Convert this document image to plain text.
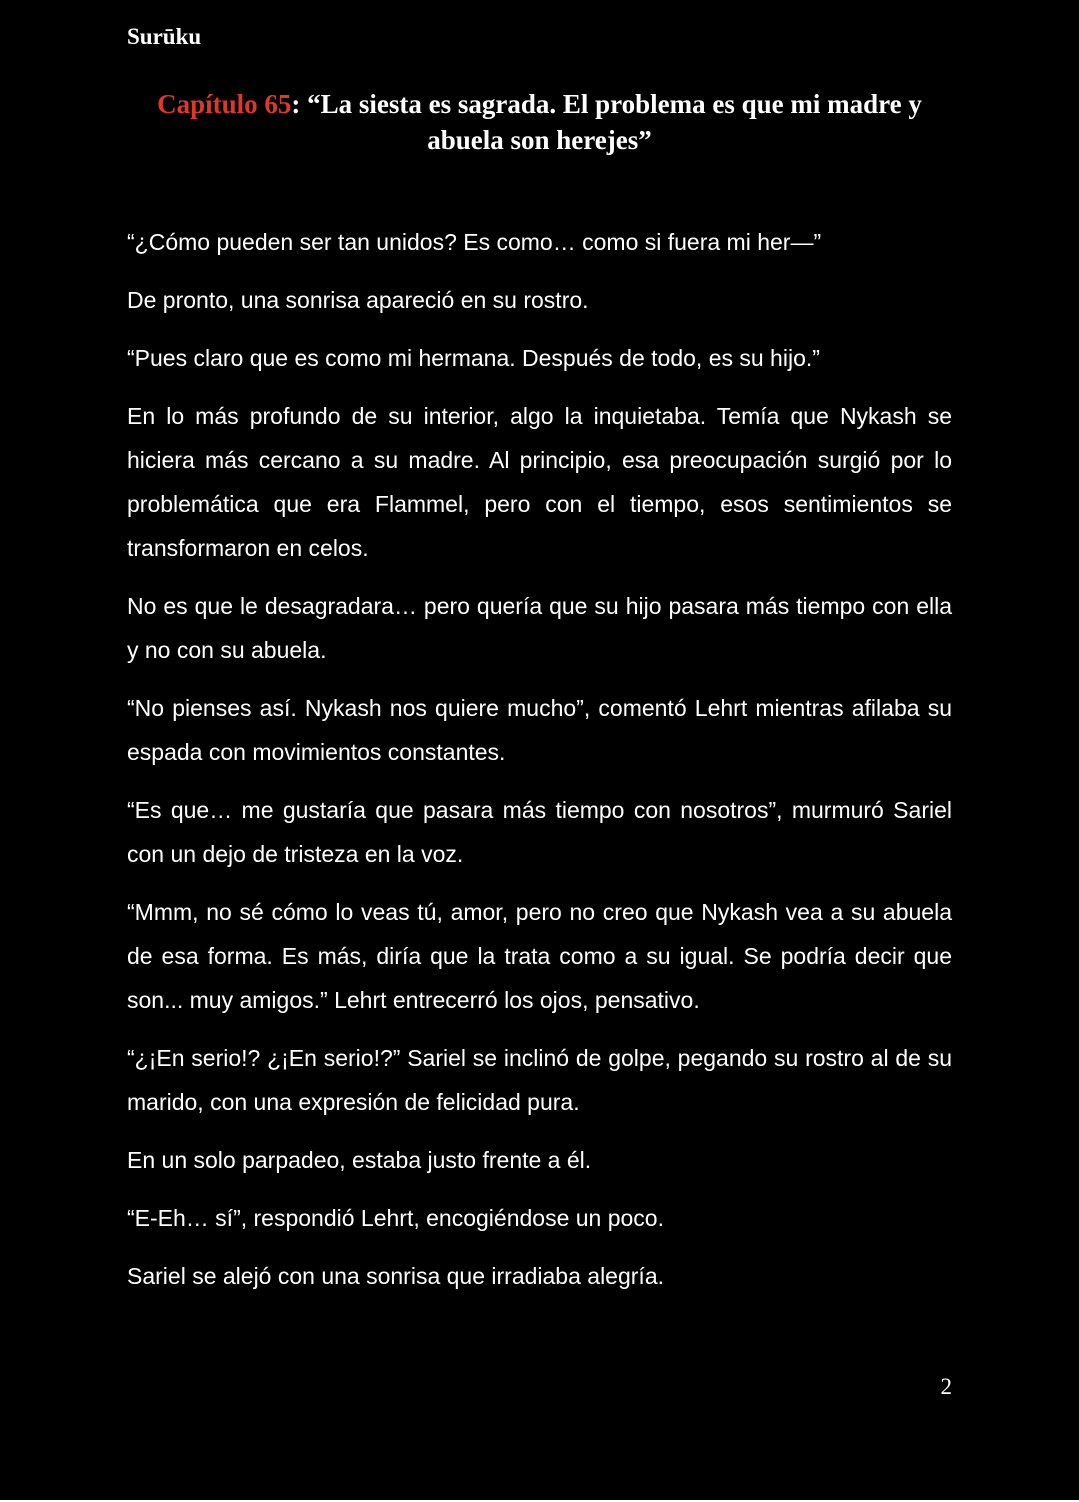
Surūku
Capítulo 65: “La siesta es sagrada. El problema es que mi madre y abuela son herejes”

“¿Cómo pueden ser tan unidos? Es como… como si fuera mi her—”

De pronto, una sonrisa apareció en su rostro.

“Pues claro que es como mi hermana. Después de todo, es su hijo.”

En lo más profundo de su interior, algo la inquietaba. Temía que Nykash se hiciera más cercano a su madre. Al principio, esa preocupación surgió por lo problemática que era Flammel, pero con el tiempo, esos sentimientos se transformaron en celos.

No es que le desagradara… pero quería que su hijo pasara más tiempo con ella y no con su abuela.

“No pienses así. Nykash nos quiere mucho”, comentó Lehrt mientras afilaba su espada con movimientos constantes.

“Es que… me gustaría que pasara más tiempo con nosotros”, murmuró Sariel con un dejo de tristeza en la voz.

“Mmm, no sé cómo lo veas tú, amor, pero no creo que Nykash vea a su abuela de esa forma. Es más, diría que la trata como a su igual. Se podría decir que son... muy amigos.” Lehrt entrecerró los ojos, pensativo.

“¿¡En serio!? ¿¡En serio!?” Sariel se inclinó de golpe, pegando su rostro al de su marido, con una expresión de felicidad pura.

En un solo parpadeo, estaba justo frente a él.

“E-Eh… sí”, respondió Lehrt, encogiéndose un poco.

Sariel se alejó con una sonrisa que irradiaba alegría.

2
